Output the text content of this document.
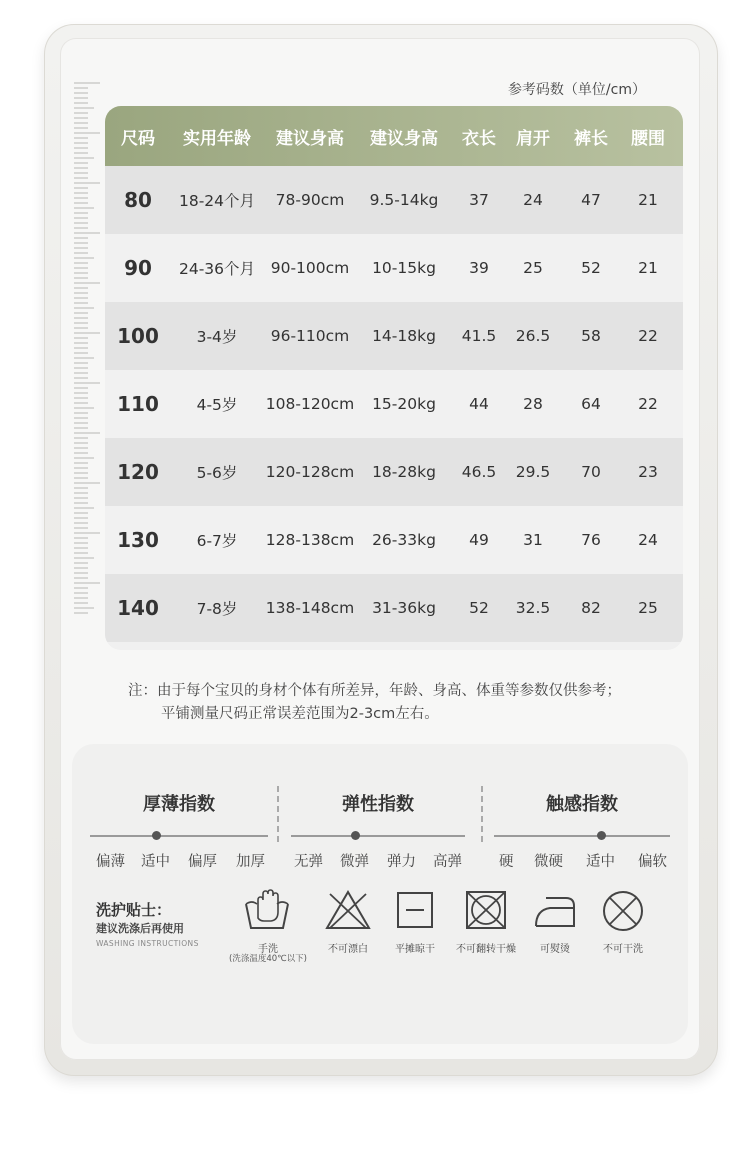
参考码数（单位/cm）
尺码	实用年龄	建议身高	建议身高	衣长	肩开	裤长	腰围
80	18-24个月	78-90cm	9.5-14kg	37	24	47	21
90	24-36个月	90-100cm	10-15kg	39	25	52	21
100	3-4岁	96-110cm	14-18kg	41.5	26.5	58	22
110	4-5岁	108-120cm	15-20kg	44	28	64	22
120	5-6岁	120-128cm	18-28kg	46.5	29.5	70	23
130	6-7岁	128-138cm	26-33kg	49	31	76	24
140	7-8岁	138-148cm	31-36kg	52	32.5	82	25
注：由于每个宝贝的身材个体有所差异，年龄、身高、体重等参数仅供参考；
平铺测量尺码正常误差范围为2-3cm左右。
厚薄指数
偏薄 适中 偏厚 加厚
弹性指数
无弹 微弹 弹力 高弹
触感指数
硬 微硬 适中 偏软
洗护贴士：
建议洗涤后再使用
WASHING INSTRUCTIONS
手洗
(洗涤温度40℃以下)
不可漂白	平摊晾干	不可翻转干燥	可熨烫	不可干洗
